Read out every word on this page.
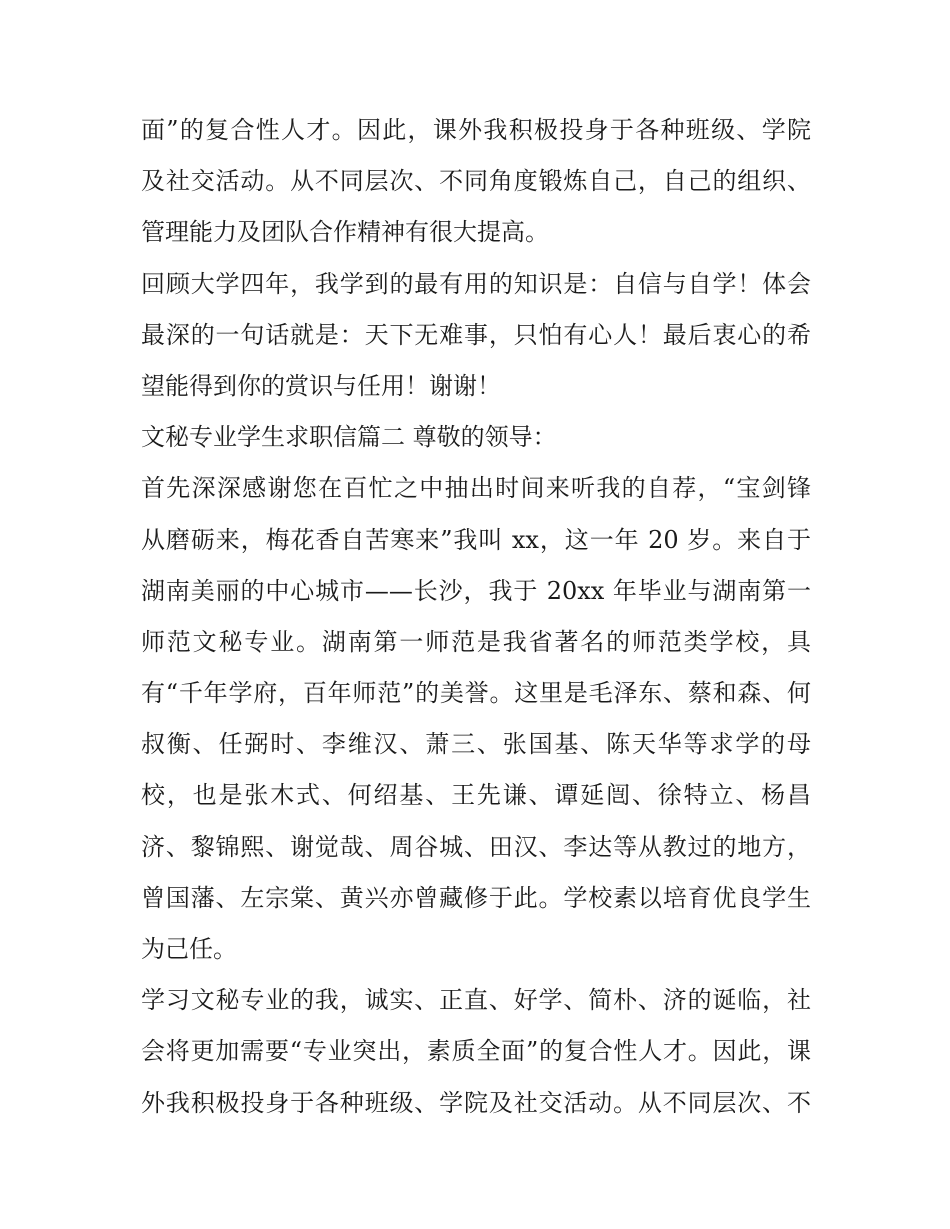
面”的复合性人才。因此，课外我积极投身于各种班级、学院
及社交活动。从不同层次、不同角度锻炼自己，自己的组织、
管理能力及团队合作精神有很大提高。
回顾大学四年，我学到的最有用的知识是：自信与自学！体会
最深的一句话就是：天下无难事，只怕有心人！最后衷心的希
望能得到你的赏识与任用！谢谢！
文秘专业学生求职信篇二 尊敬的领导：
首先深深感谢您在百忙之中抽出时间来听我的自荐，“宝剑锋
从磨砺来，梅花香自苦寒来”我叫 xx，这一年 20 岁。来自于
湖南美丽的中心城市——长沙，我于 20xx 年毕业与湖南第一
师范文秘专业。湖南第一师范是我省著名的师范类学校，具
有“千年学府，百年师范”的美誉。这里是毛泽东、蔡和森、何
叔衡、任弼时、李维汉、萧三、张国基、陈天华等求学的母
校，也是张木式、何绍基、王先谦、谭延闿、徐特立、杨昌
济、黎锦熙、谢觉哉、周谷城、田汉、李达等从教过的地方，
曾国藩、左宗棠、黄兴亦曾藏修于此。学校素以培育优良学生
为己任。
学习文秘专业的我，诚实、正直、好学、简朴、济的诞临，社
会将更加需要“专业突出，素质全面”的复合性人才。因此，课
外我积极投身于各种班级、学院及社交活动。从不同层次、不
